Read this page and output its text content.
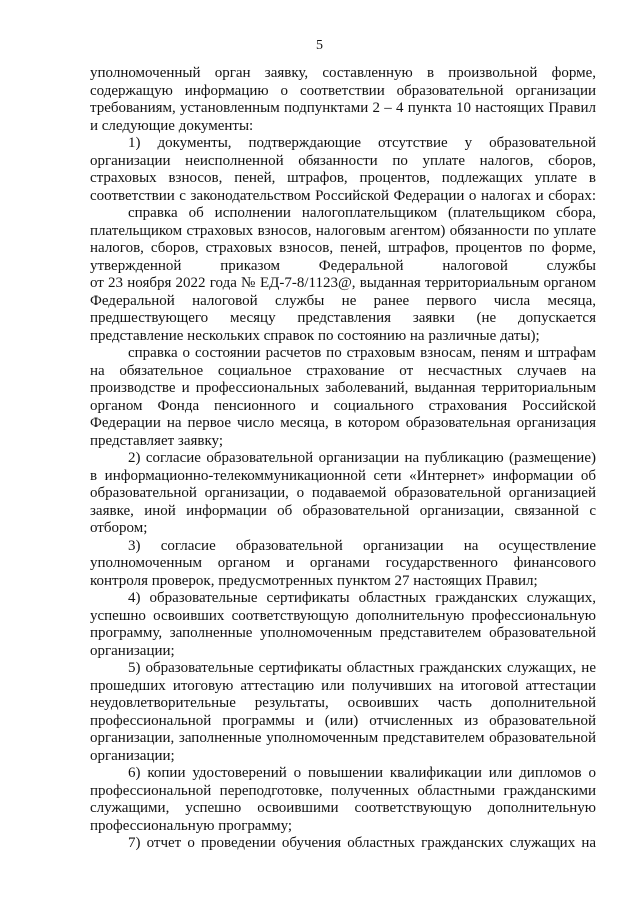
5
уполномоченный орган заявку, составленную в произвольной форме,
содержащую информацию о соответствии образовательной организации
требованиям, установленным подпунктами 2 – 4 пункта 10 настоящих Правил
и следующие документы:
1) документы, подтверждающие отсутствие у образовательной
организации неисполненной обязанности по уплате налогов, сборов,
страховых взносов, пеней, штрафов, процентов, подлежащих уплате в
соответствии с законодательством Российской Федерации о налогах и сборах:
справка об исполнении налогоплательщиком (плательщиком сбора,
плательщиком страховых взносов, налоговым агентом) обязанности по уплате
налогов, сборов, страховых взносов, пеней, штрафов, процентов по форме,
утвержденной приказом Федеральной налоговой службы
от 23 ноября 2022 года № ЕД-7-8/1123@, выданная территориальным органом
Федеральной налоговой службы не ранее первого числа месяца,
предшествующего месяцу представления заявки (не допускается
представление нескольких справок по состоянию на различные даты);
справка о состоянии расчетов по страховым взносам, пеням и штрафам
на обязательное социальное страхование от несчастных случаев на
производстве и профессиональных заболеваний, выданная территориальным
органом Фонда пенсионного и социального страхования Российской
Федерации на первое число месяца, в котором образовательная организация
представляет заявку;
2) согласие образовательной организации на публикацию (размещение)
в информационно-телекоммуникационной сети «Интернет» информации об
образовательной организации, о подаваемой образовательной организацией
заявке, иной информации об образовательной организации, связанной с
отбором;
3) согласие образовательной организации на осуществление
уполномоченным органом и органами государственного финансового
контроля проверок, предусмотренных пунктом 27 настоящих Правил;
4) образовательные сертификаты областных гражданских служащих,
успешно освоивших соответствующую дополнительную профессиональную
программу, заполненные уполномоченным представителем образовательной
организации;
5) образовательные сертификаты областных гражданских служащих, не
прошедших итоговую аттестацию или получивших на итоговой аттестации
неудовлетворительные результаты, освоивших часть дополнительной
профессиональной программы и (или) отчисленных из образовательной
организации, заполненные уполномоченным представителем образовательной
организации;
6) копии удостоверений о повышении квалификации или дипломов о
профессиональной переподготовке, полученных областными гражданскими
служащими, успешно освоившими соответствующую дополнительную
профессиональную программу;
7) отчет о проведении обучения областных гражданских служащих на
